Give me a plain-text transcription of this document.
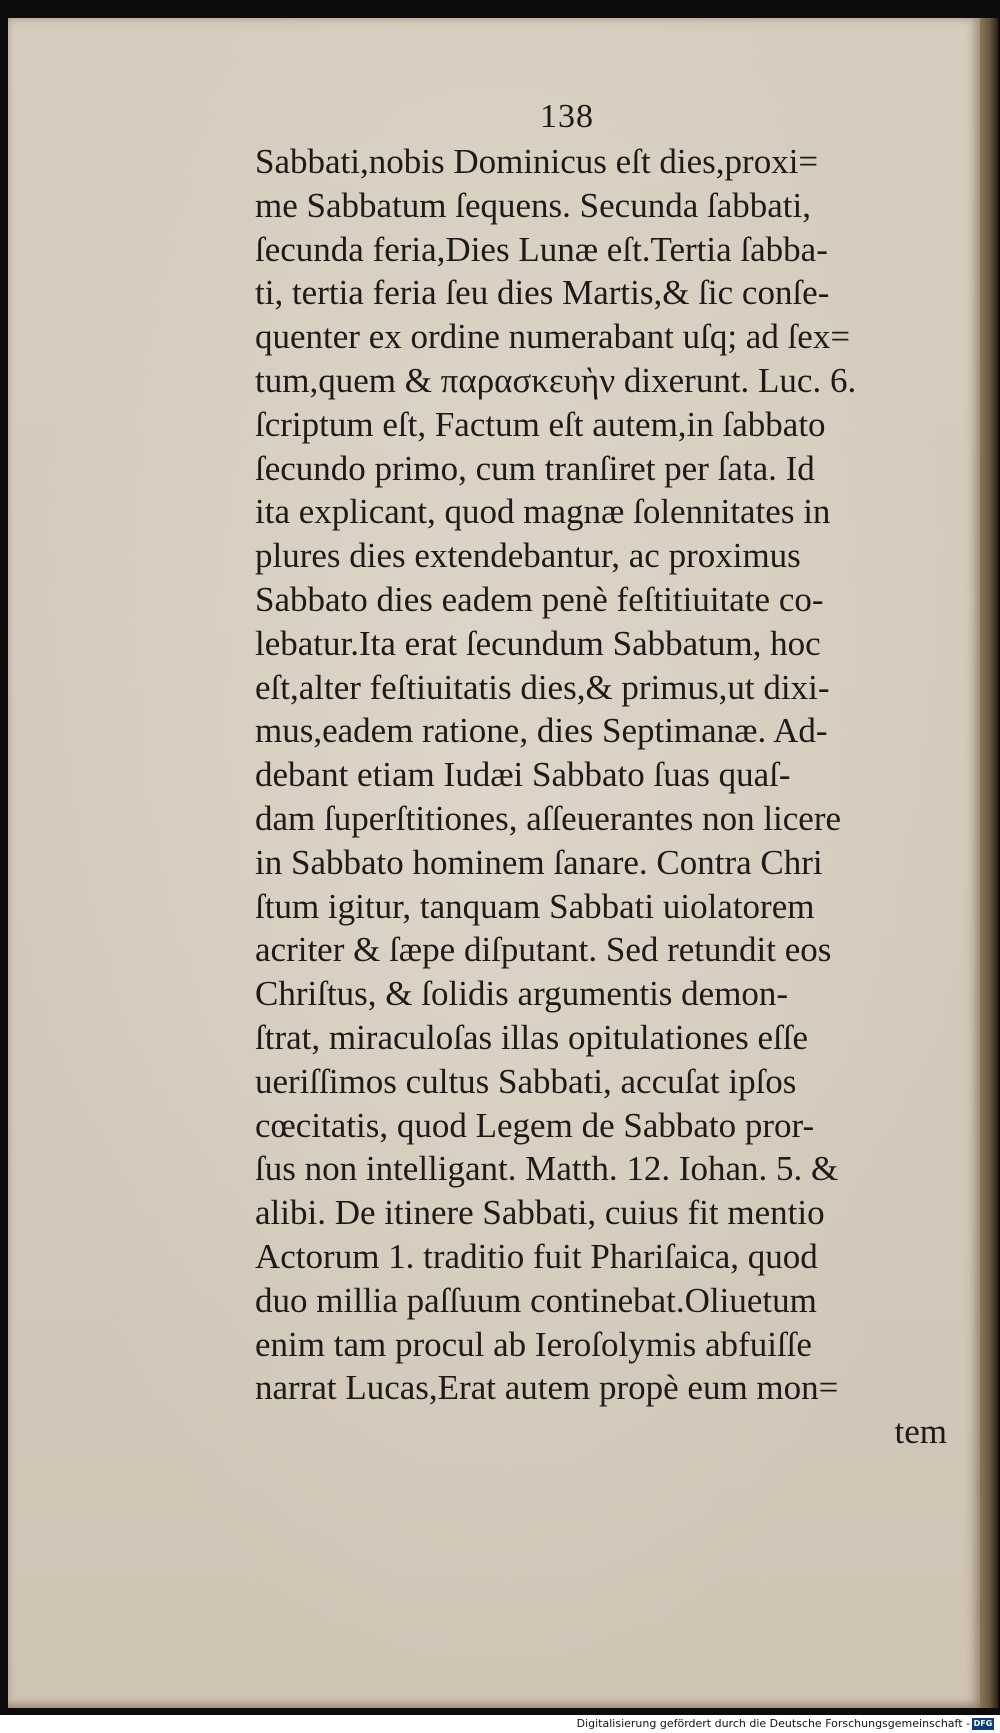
138
Sabbati,nobis Dominicus eſt dies,proxi=
me Sabbatum ſequens. Secunda ſabbati,
ſecunda feria,Dies Lunæ eſt.Tertia ſabba-
ti, tertia feria ſeu dies Martis,& ſic conſe-
quenter ex ordine numerabant uſq; ad ſex=
tum,quem & παρασκευὴν dixerunt. Luc. 6.
ſcriptum eſt, Factum eſt autem,in ſabbato
ſecundo primo, cum tranſiret per ſata. Id
ita explicant, quod magnæ ſolennitates in
plures dies extendebantur, ac proximus
Sabbato dies eadem penè feſtitiuitate co-
lebatur.Ita erat ſecundum Sabbatum, hoc
eſt,alter feſtiuitatis dies,& primus,ut dixi-
mus,eadem ratione, dies Septimanæ. Ad-
debant etiam Iudæi Sabbato ſuas quaſ-
dam ſuperſtitiones, aſſeuerantes non licere
in Sabbato hominem ſanare. Contra Chri
ſtum igitur, tanquam Sabbati uiolatorem
acriter & ſæpe diſputant. Sed retundit eos
Chriſtus, & ſolidis argumentis demon-
ſtrat, miraculoſas illas opitulationes eſſe
ueriſſimos cultus Sabbati, accuſat ipſos
cœcitatis, quod Legem de Sabbato pror-
ſus non intelligant. Matth. 12. Iohan. 5. &
alibi. De itinere Sabbati, cuius fit mentio
Actorum 1. traditio fuit Phariſaica, quod
duo millia paſſuum continebat.Oliuetum
enim tam procul ab Ieroſolymis abfuiſſe
narrat Lucas,Erat autem propè eum mon=
tem
Digitalisierung gefördert durch die Deutsche Forschungsgemeinschaft - DFG
